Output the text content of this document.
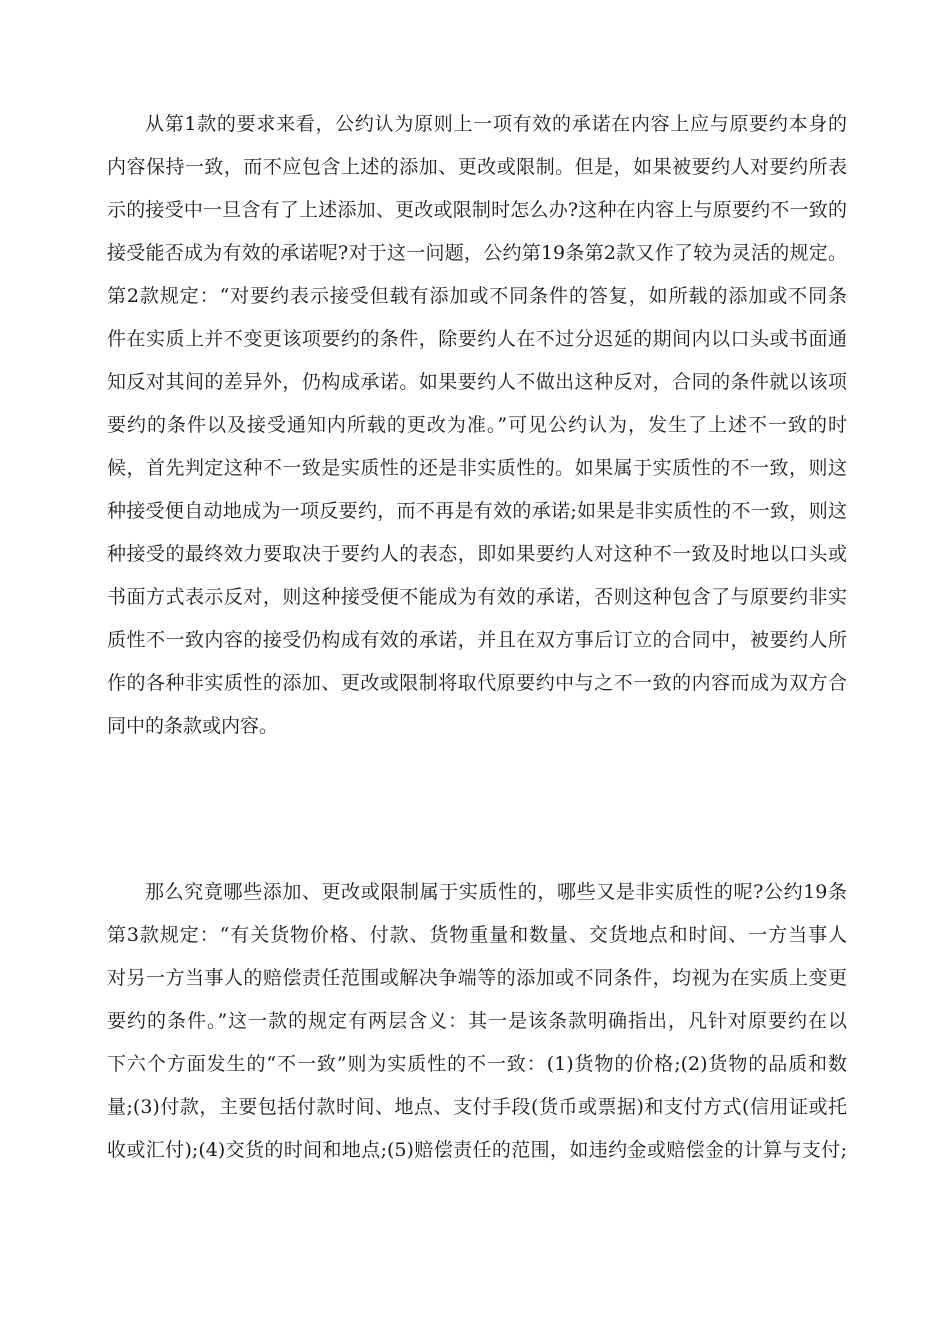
从第1款的要求来看，公约认为原则上一项有效的承诺在内容上应与原要约本身的
内容保持一致，而不应包含上述的添加、更改或限制。但是，如果被要约人对要约所表
示的接受中一旦含有了上述添加、更改或限制时怎么办?这种在内容上与原要约不一致的
接受能否成为有效的承诺呢?对于这一问题，公约第19条第2款又作了较为灵活的规定。
第2款规定：“对要约表示接受但载有添加或不同条件的答复，如所载的添加或不同条
件在实质上并不变更该项要约的条件，除要约人在不过分迟延的期间内以口头或书面通
知反对其间的差异外，仍构成承诺。如果要约人不做出这种反对，合同的条件就以该项
要约的条件以及接受通知内所载的更改为准。”可见公约认为，发生了上述不一致的时
候，首先判定这种不一致是实质性的还是非实质性的。如果属于实质性的不一致，则这
种接受便自动地成为一项反要约，而不再是有效的承诺;如果是非实质性的不一致，则这
种接受的最终效力要取决于要约人的表态，即如果要约人对这种不一致及时地以口头或
书面方式表示反对，则这种接受便不能成为有效的承诺，否则这种包含了与原要约非实
质性不一致内容的接受仍构成有效的承诺，并且在双方事后订立的合同中，被要约人所
作的各种非实质性的添加、更改或限制将取代原要约中与之不一致的内容而成为双方合
同中的条款或内容。
那么究竟哪些添加、更改或限制属于实质性的，哪些又是非实质性的呢?公约19条
第3款规定：“有关货物价格、付款、货物重量和数量、交货地点和时间、一方当事人
对另一方当事人的赔偿责任范围或解决争端等的添加或不同条件，均视为在实质上变更
要约的条件。”这一款的规定有两层含义：其一是该条款明确指出，凡针对原要约在以
下六个方面发生的“不一致”则为实质性的不一致：(1)货物的价格;(2)货物的品质和数
量;(3)付款，主要包括付款时间、地点、支付手段(货币或票据)和支付方式(信用证或托
收或汇付);(4)交货的时间和地点;(5)赔偿责任的范围，如违约金或赔偿金的计算与支付;
